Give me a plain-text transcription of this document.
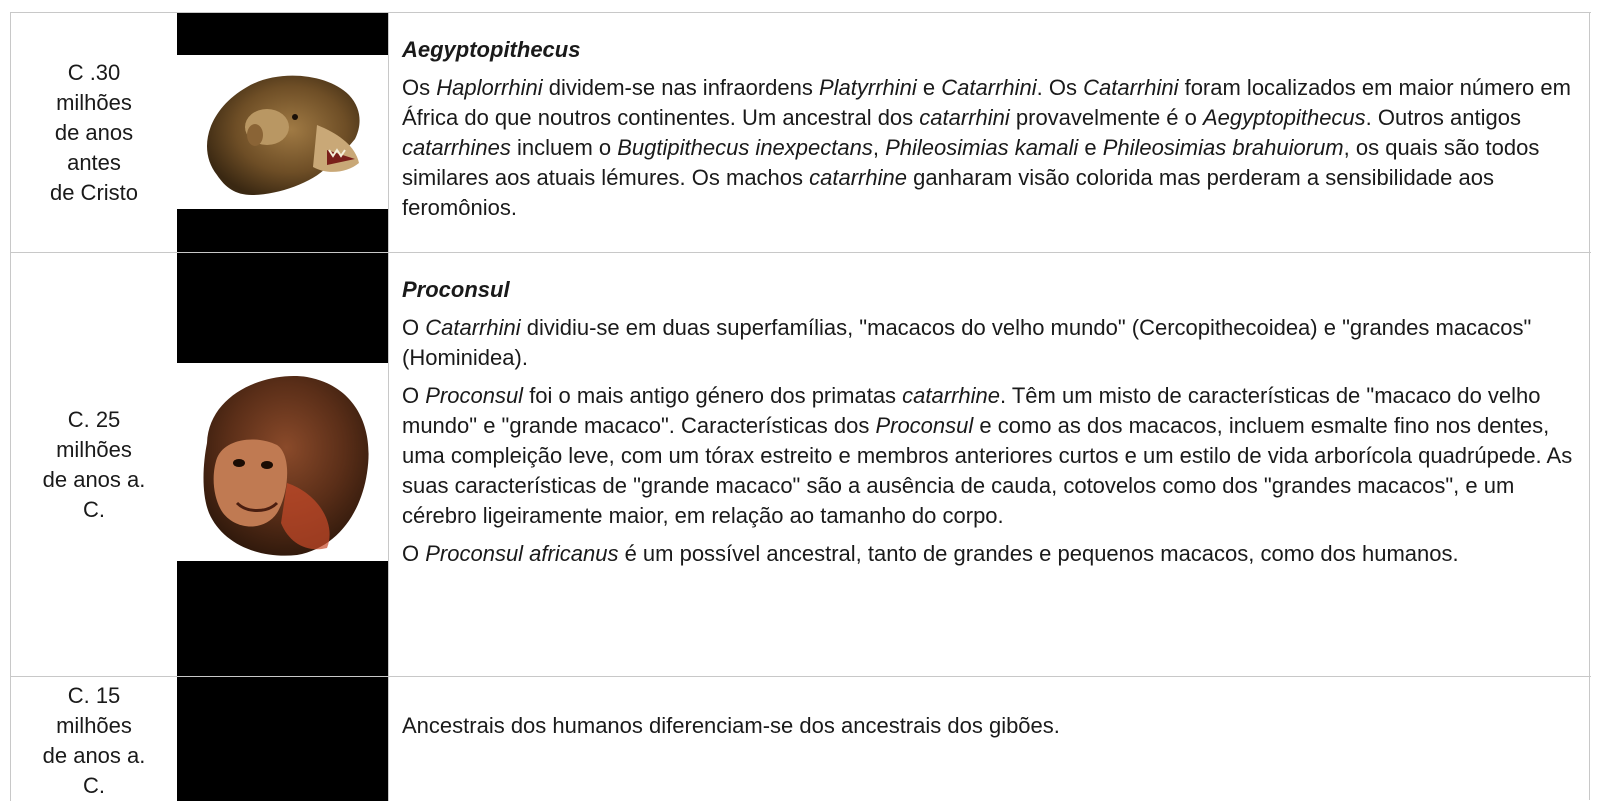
C .30
milhões
de anos
antes
de Cristo
Aegyptopithecus
Os Haplorrhini dividem-se nas infraordens Platyrrhini e Catarrhini. Os Catarrhini foram localizados em maior número em África do que noutros continentes. Um ancestral dos catarrhini provavelmente é o Aegyptopithecus. Outros antigos catarrhines incluem o Bugtipithecus inexpectans, Phileosimias kamali e Phileosimias brahuiorum, os quais são todos similares aos atuais lémures. Os machos catarrhine ganharam visão colorida mas perderam a sensibilidade aos feromônios.
C. 25
milhões
de anos a.
C.
Proconsul
O Catarrhini dividiu-se em duas superfamílias, "macacos do velho mundo" (Cercopithecoidea) e "grandes macacos" (Hominidea).
O Proconsul foi o mais antigo género dos primatas catarrhine. Têm um misto de características de "macaco do velho mundo" e "grande macaco". Características dos Proconsul e como as dos macacos, incluem esmalte fino nos dentes, uma compleição leve, com um tórax estreito e membros anteriores curtos e um estilo de vida arborícola quadrúpede. As suas características de "grande macaco" são a ausência de cauda, cotovelos como dos "grandes macacos", e um cérebro ligeiramente maior, em relação ao tamanho do corpo.
O Proconsul africanus é um possível ancestral, tanto de grandes e pequenos macacos, como dos humanos.
C. 15
milhões
de anos a.
C.
Ancestrais dos humanos diferenciam-se dos ancestrais dos gibões.
